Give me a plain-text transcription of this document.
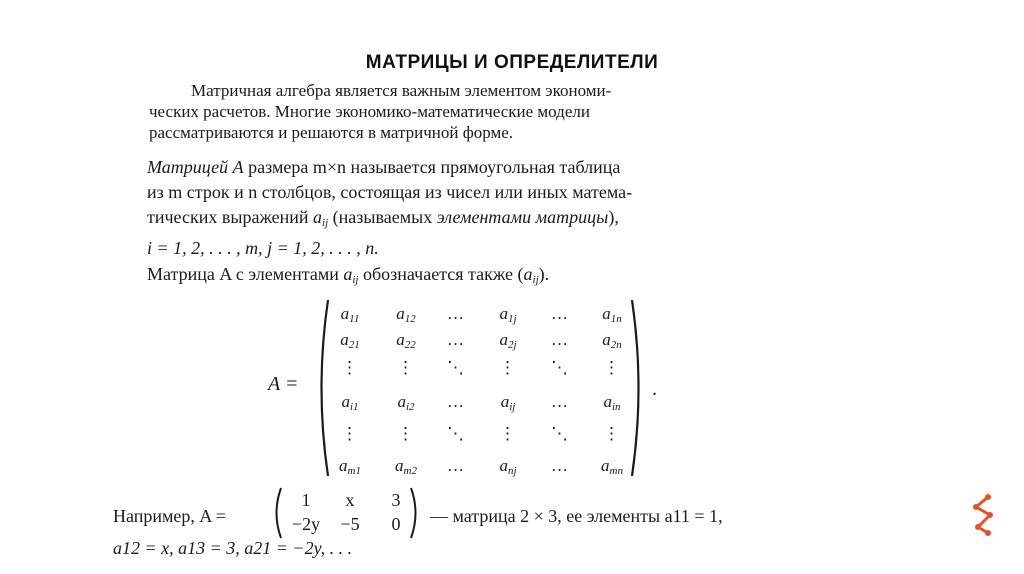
МАТРИЦЫ И ОПРЕДЕЛИТЕЛИ
Матричная алгебра является важным элементом экономи-
ческих расчетов. Многие экономико-математические модели
рассматриваются и решаются в матричной форме.
Матрицей A размера m×n называется прямоугольная таблица
из m строк и n столбцов, состоящая из чисел или иных матема-
тических выражений $a_{ij}$ (называемых элементами матрицы),
i = 1, 2, . . . , m, j = 1, 2, . . . , n.
Матрица A с элементами $a_{ij}$ обозначается также $(a_{ij})$.
A =
$a_{11}$	$a_{12}$	…	$a_{1j}$	…	$a_{1n}$
$a_{21}$	$a_{22}$	…	$a_{2j}$	…	$a_{2n}$
⋮	⋮	⋱	⋮	⋱	⋮
$a_{i1}$	$a_{i2}$	…	$a_{ij}$	…	$a_{in}$
⋮	⋮	⋱	⋮	⋱	⋮
$a_{m1}$	$a_{m2}$	…	$a_{nj}$	…	$a_{mn}$
.
Например, A =
1	x	3
−2y	−5	0	— матрица 2 × 3, ее элементы a11 = 1,
a12 = x, a13 = 3, a21 = −2y, . . .
